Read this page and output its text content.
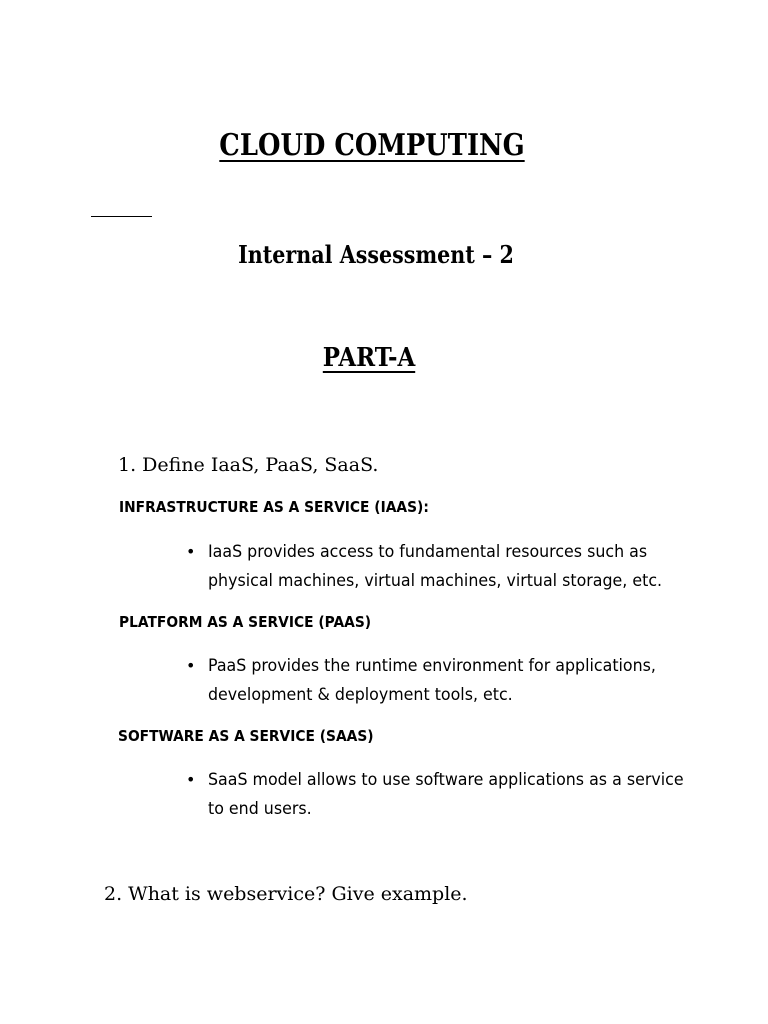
CLOUD COMPUTING
Internal Assessment – 2
PART-A
1. Define IaaS, PaaS, SaaS.
INFRASTRUCTURE AS A SERVICE (IAAS):
• IaaS provides access to fundamental resources such as physical machines, virtual machines, virtual storage, etc.
PLATFORM AS A SERVICE (PAAS)
• PaaS provides the runtime environment for applications, development & deployment tools, etc.
SOFTWARE AS A SERVICE (SAAS)
• SaaS model allows to use software applications as a service to end users.
2. What is webservice? Give example.
